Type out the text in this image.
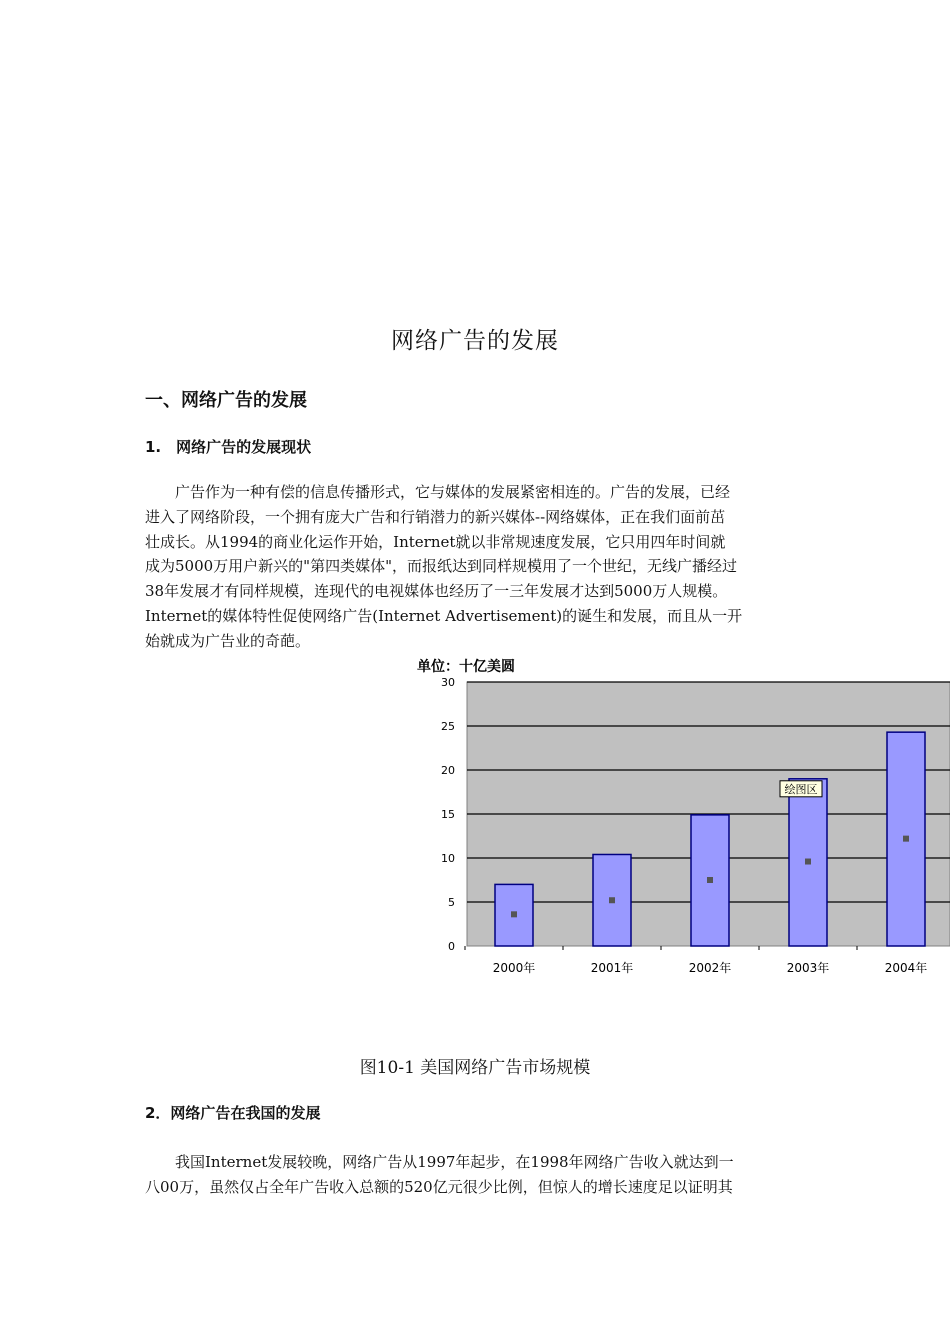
网络广告的发展
一、网络广告的发展
1.　网络广告的发展现状
　　广告作为一种有偿的信息传播形式，它与媒体的发展紧密相连的。广告的发展，已经
进入了网络阶段，一个拥有庞大广告和行销潜力的新兴媒体--网络媒体，正在我们面前茁
壮成长。从1994的商业化运作开始，Internet就以非常规速度发展，它只用四年时间就
成为5000万用户新兴的"第四类媒体"，而报纸达到同样规模用了一个世纪，无线广播经过
38年发展才有同样规模，连现代的电视媒体也经历了一三年发展才达到5000万人规模。
Internet的媒体特性促使网络广告(Internet Advertisement)的诞生和发展，而且从一开
始就成为广告业的奇葩。
单位：十亿美圆
0
5
10
15
20
25
30
2000年	2001年	2002年	2003年	2004年
绘图区
图10-1 美国网络广告市场规模
2．网络广告在我国的发展
　　我国Internet发展较晚，网络广告从1997年起步，在1998年网络广告收入就达到一
八00万，虽然仅占全年广告收入总额的520亿元很少比例，但惊人的增长速度足以证明其
